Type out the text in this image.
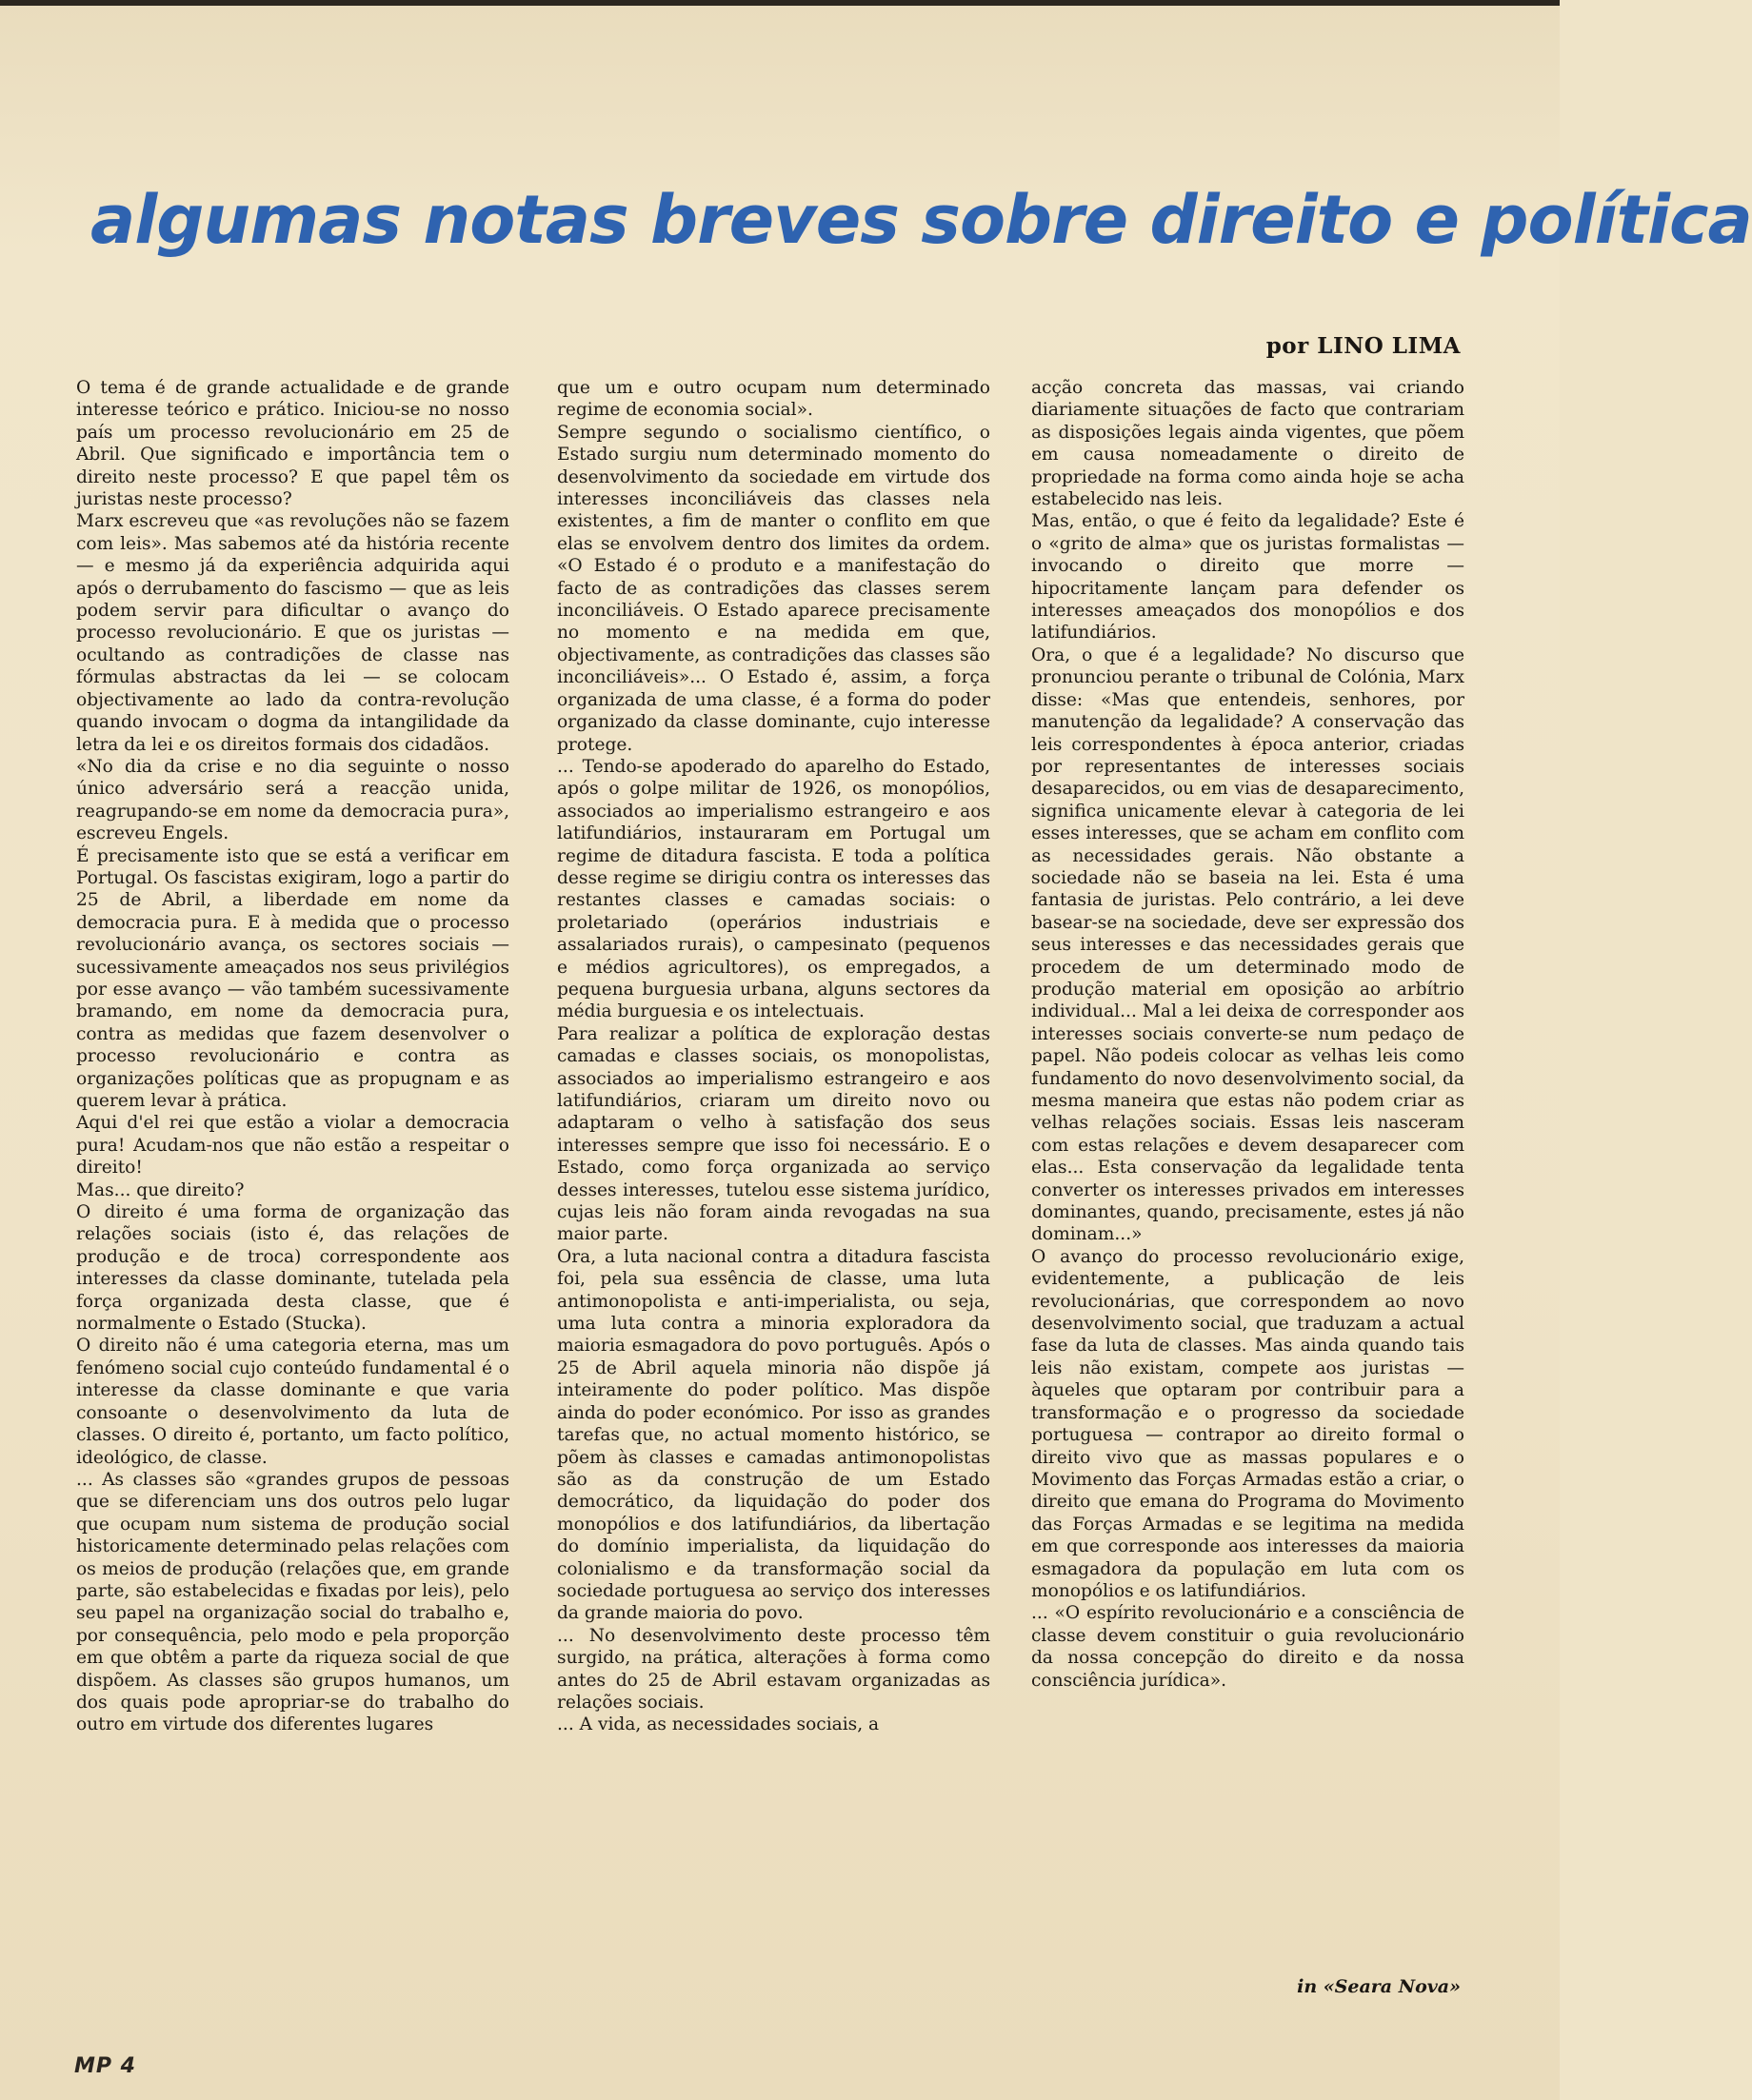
algumas notas breves sobre direito e política
por LINO LIMA

O tema é de grande actualidade e de grande interesse teórico e prático. Iniciou-se no nosso país um processo revolucionário em 25 de Abril. Que significado e importância tem o direito neste processo? E que papel têm os juristas neste processo?

Marx escreveu que «as revoluções não se fazem com leis». Mas sabemos até da história recente — e mesmo já da experiência adquirida aqui após o derrubamento do fascismo — que as leis podem servir para dificultar o avanço do processo revolucionário. E que os juristas — ocultando as contradições de classe nas fórmulas abstractas da lei — se colocam objectivamente ao lado da contra-revolução quando invocam o dogma da intangilidade da letra da lei e os direitos formais dos cidadãos.

«No dia da crise e no dia seguinte o nosso único adversário será a reacção unida, reagrupando-se em nome da democracia pura», escreveu Engels.

É precisamente isto que se está a verificar em Portugal. Os fascistas exigiram, logo a partir do 25 de Abril, a liberdade em nome da democracia pura. E à medida que o processo revolucionário avança, os sectores sociais — sucessivamente ameaçados nos seus privilégios por esse avanço — vão também sucessivamente bramando, em nome da democracia pura, contra as medidas que fazem desenvolver o processo revolucionário e contra as organizações políticas que as propugnam e as querem levar à prática.

Aqui d'el rei que estão a violar a democracia pura! Acudam-nos que não estão a respeitar o direito!

Mas... que direito?

O direito é uma forma de organização das relações sociais (isto é, das relações de produção e de troca) correspondente aos interesses da classe dominante, tutelada pela força organizada desta classe, que é normalmente o Estado (Stucka).

O direito não é uma categoria eterna, mas um fenómeno social cujo conteúdo fundamental é o interesse da classe dominante e que varia consoante o desenvolvimento da luta de classes. O direito é, portanto, um facto político, ideológico, de classe.

... As classes são «grandes grupos de pessoas que se diferenciam uns dos outros pelo lugar que ocupam num sistema de produção social historicamente determinado pelas relações com os meios de produção (relações que, em grande parte, são estabelecidas e fixadas por leis), pelo seu papel na organização social do trabalho e, por consequência, pelo modo e pela proporção em que obtêm a parte da riqueza social de que dispõem. As classes são grupos humanos, um dos quais pode apropriar-se do trabalho do outro em virtude dos diferentes lugares

que um e outro ocupam num determinado regime de economia social».

Sempre segundo o socialismo científico, o Estado surgiu num determinado momento do desenvolvimento da sociedade em virtude dos interesses inconciliáveis das classes nela existentes, a fim de manter o conflito em que elas se envolvem dentro dos limites da ordem. «O Estado é o produto e a manifestação do facto de as contradições das classes serem inconciliáveis. O Estado aparece precisamente no momento e na medida em que, objectivamente, as contradições das classes são inconciliáveis»... O Estado é, assim, a força organizada de uma classe, é a forma do poder organizado da classe dominante, cujo interesse protege.

... Tendo-se apoderado do aparelho do Estado, após o golpe militar de 1926, os monopólios, associados ao imperialismo estrangeiro e aos latifundiários, instauraram em Portugal um regime de ditadura fascista. E toda a política desse regime se dirigiu contra os interesses das restantes classes e camadas sociais: o proletariado (operários industriais e assalariados rurais), o campesinato (pequenos e médios agricultores), os empregados, a pequena burguesia urbana, alguns sectores da média burguesia e os intelectuais.

Para realizar a política de exploração destas camadas e classes sociais, os monopolistas, associados ao imperialismo estrangeiro e aos latifundiários, criaram um direito novo ou adaptaram o velho à satisfação dos seus interesses sempre que isso foi necessário. E o Estado, como força organizada ao serviço desses interesses, tutelou esse sistema jurídico, cujas leis não foram ainda revogadas na sua maior parte.

Ora, a luta nacional contra a ditadura fascista foi, pela sua essência de classe, uma luta antimonopolista e anti-imperialista, ou seja, uma luta contra a minoria exploradora da maioria esmagadora do povo português. Após o 25 de Abril aquela minoria não dispõe já inteiramente do poder político. Mas dispõe ainda do poder económico. Por isso as grandes tarefas que, no actual momento histórico, se põem às classes e camadas antimonopolistas são as da construção de um Estado democrático, da liquidação do poder dos monopólios e dos latifundiários, da libertação do domínio imperialista, da liquidação do colonialismo e da transformação social da sociedade portuguesa ao serviço dos interesses da grande maioria do povo.

... No desenvolvimento deste processo têm surgido, na prática, alterações à forma como antes do 25 de Abril estavam organizadas as relações sociais.

... A vida, as necessidades sociais, a

acção concreta das massas, vai criando diariamente situações de facto que contrariam as disposições legais ainda vigentes, que põem em causa nomeadamente o direito de propriedade na forma como ainda hoje se acha estabelecido nas leis.

Mas, então, o que é feito da legalidade? Este é o «grito de alma» que os juristas formalistas — invocando o direito que morre — hipocritamente lançam para defender os interesses ameaçados dos monopólios e dos latifundiários.

Ora, o que é a legalidade? No discurso que pronunciou perante o tribunal de Colónia, Marx disse: «Mas que entendeis, senhores, por manutenção da legalidade? A conservação das leis correspondentes à época anterior, criadas por representantes de interesses sociais desaparecidos, ou em vias de desaparecimento, significa unicamente elevar à categoria de lei esses interesses, que se acham em conflito com as necessidades gerais. Não obstante a sociedade não se baseia na lei. Esta é uma fantasia de juristas. Pelo contrário, a lei deve basear-se na sociedade, deve ser expressão dos seus interesses e das necessidades gerais que procedem de um determinado modo de produção material em oposição ao arbítrio individual... Mal a lei deixa de corresponder aos interesses sociais converte-se num pedaço de papel. Não podeis colocar as velhas leis como fundamento do novo desenvolvimento social, da mesma maneira que estas não podem criar as velhas relações sociais. Essas leis nasceram com estas relações e devem desaparecer com elas... Esta conservação da legalidade tenta converter os interesses privados em interesses dominantes, quando, precisamente, estes já não dominam...»

O avanço do processo revolucionário exige, evidentemente, a publicação de leis revolucionárias, que correspondem ao novo desenvolvimento social, que traduzam a actual fase da luta de classes. Mas ainda quando tais leis não existam, compete aos juristas — àqueles que optaram por contribuir para a transformação e o progresso da sociedade portuguesa — contrapor ao direito formal o direito vivo que as massas populares e o Movimento das Forças Armadas estão a criar, o direito que emana do Programa do Movimento das Forças Armadas e se legitima na medida em que corresponde aos interesses da maioria esmagadora da população em luta com os monopólios e os latifundiários.

... «O espírito revolucionário e a consciência de classe devem constituir o guia revolucionário da nossa concepção do direito e da nossa consciência jurídica».

in «Seara Nova»
MP 4
